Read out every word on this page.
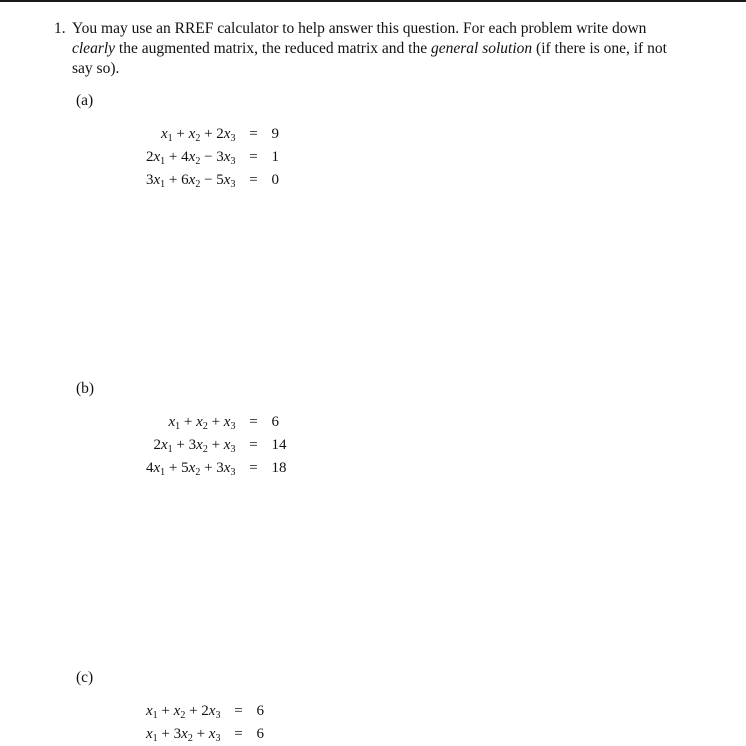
1. You may use an RREF calculator to help answer this question. For each problem write down clearly the augmented matrix, the reduced matrix and the general solution (if there is one, if not say so).
(a)
$x_1 + x_2 + 2x_3$	=	9
$2x_1 + 4x_2 - 3x_3$	=	1
$3x_1 + 6x_2 - 5x_3$	=	0
(b)
$x_1 + x_2 + x_3$	=	6
$2x_1 + 3x_2 + x_3$	=	14
$4x_1 + 5x_2 + 3x_3$	=	18
(c)
$x_1 + x_2 + 2x_3$	=	6
$x_1 + 3x_2 + x_3$	=	6
